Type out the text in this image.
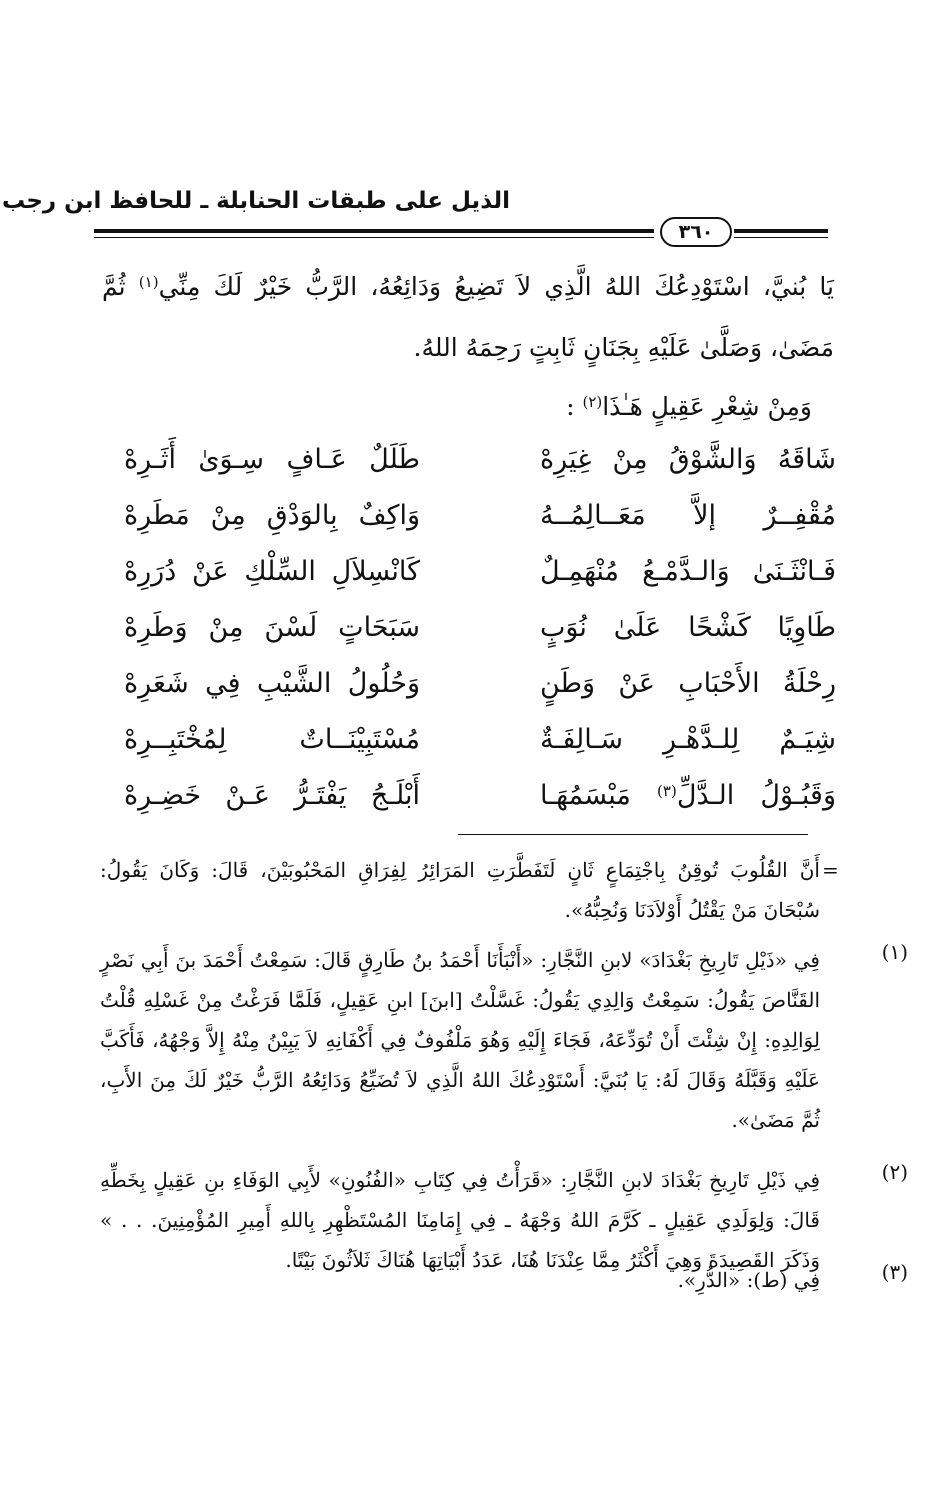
الذيل على طبقات الحنابلة ـ للحافظ ابن رجب
٣٦٠
يَا بُنيَّ، اسْتَوْدِعُكَ اللهُ الَّذِي لاَ تَضِيعُ وَدَائِعُهُ، الرَّبُّ خَيْرٌ لَكَ مِنِّي$^{(١)}$ ثُمَّ
مَضَىٰ، وَصَلَّىٰ عَلَيْهِ بِجَنَانٍ ثَابِتٍ رَحِمَهُ اللهُ.
وَمِنْ شِعْرِ عَقِيلٍ هَـٰذَا$^{(٢)}$ :
شَاقَهُ وَالشَّوْقُ مِنْ غِيَرِهْ
طَلَلٌ عَـافٍ سِـوَىٰ أَثَـرِهْ
مُقْفِــرٌ إلاَّ مَعَــالِمُــهُ
وَاكِفٌ بِالوَدْقِ مِنْ مَطَرِهْ
فَـانْثَـنَىٰ وَالـدَّمْـعُ مُنْهَمِـلٌ
كَانْسِلاَلِ السِّلْكِ عَنْ دُرَرِهْ
طَاوِيًا كَشْحًا عَلَىٰ نُوَبٍ
سَبَحَاتٍ لَسْنَ مِنْ وَطَرِهْ
رِحْلَةُ الأَحْبَابِ عَنْ وَطَنٍ
وَحُلُولُ الشَّيْبِ فِي شَعَرِهْ
شِيَـمٌ لِلـدَّهْـرِ سَـالِفَـةٌ
مُسْتَبِيْنَــاتٌ لِمُخْتَبِــرِهْ
وَقَبُـوْلُ الـدَّلِّ$^{(٣)}$ مَبْسَمُهَـا
أَبْلَـجُ يَفْتَـرُّ عَـنْ خَضِـرِهْ
=
أَنَّ القُلُوبَ تُوقِنُ بِاجْتِمَاعٍ ثَانٍ لَتَفَطَّرَتِ المَرَائِرُ لِفِرَاقِ المَحْبُوبَيْنَ، قَالَ: وَكَانَ يَقُولُ: سُبْحَانَ مَنْ يَقْتُلُ أَوْلاَدَنَا وَنُحِبُّهُ».
(١)
فِي «ذَيْلِ تَارِيخِ بَغْدَادَ» لابنِ النَّجَّارِ: «أَنْبَأَنَا أَحْمَدُ بنُ طَارِقٍ قَالَ: سَمِعْتُ أَحْمَدَ بنَ أَبِي نَصْرٍ القَنَّاصَ يَقُولُ: سَمِعْتُ وَالِدِي يَقُولُ: غَسَّلْتُ [ابنَ] ابنِ عَقِيلٍ، فَلَمَّا فَرَغْتُ مِنْ غَسْلِهِ قُلْتُ لِوَالِدِهِ: إِنْ شِئْتَ أَنْ تُوَدِّعَهُ، فَجَاءَ إِلَيْهِ وَهُوَ مَلْفُوفٌ فِي أَكْفَانِهِ لاَ يَبِيْنُ مِنْهُ إِلاَّ وَجْهُهُ، فَأَكَبَّ عَلَيْهِ وَقَبَّلَهُ وَقَالَ لَهُ: يَا بُنَيَّ: أَسْتَوْدِعُكَ اللهُ الَّذِي لاَ تُضَيِّعُ وَدَائِعُهُ الرَّبُّ خَيْرٌ لَكَ مِنَ الأَبِ، ثُمَّ مَضَىٰ».
(٢)
فِي ذَيْلِ تَارِيخِ بَغْدَادَ لابنِ النَّجَّارِ: «قَرَأْتُ فِي كِتَابِ «الفُنُونِ» لأَبِي الوَفَاءِ بنِ عَقِيلٍ بِخَطِّهِ قَالَ: وَلِوَلَدِي عَقِيلٍ ـ كَرَّمَ اللهُ وَجْهَهُ ـ فِي إِمَامِنَا المُسْتَظْهِرِ بِاللهِ أَمِيرِ المُؤْمِنِينَ. . . » وَذَكَرَ القَصِيدَةَ وَهِيَ أَكْثَرُ مِمَّا عِنْدَنَا هُنَا، عَدَدُ أَبْيَاتِهَا هُنَاكَ ثَلاَثُونَ بَيْتًا.	(٣)
فِي (ط): «الدُّرِ».
